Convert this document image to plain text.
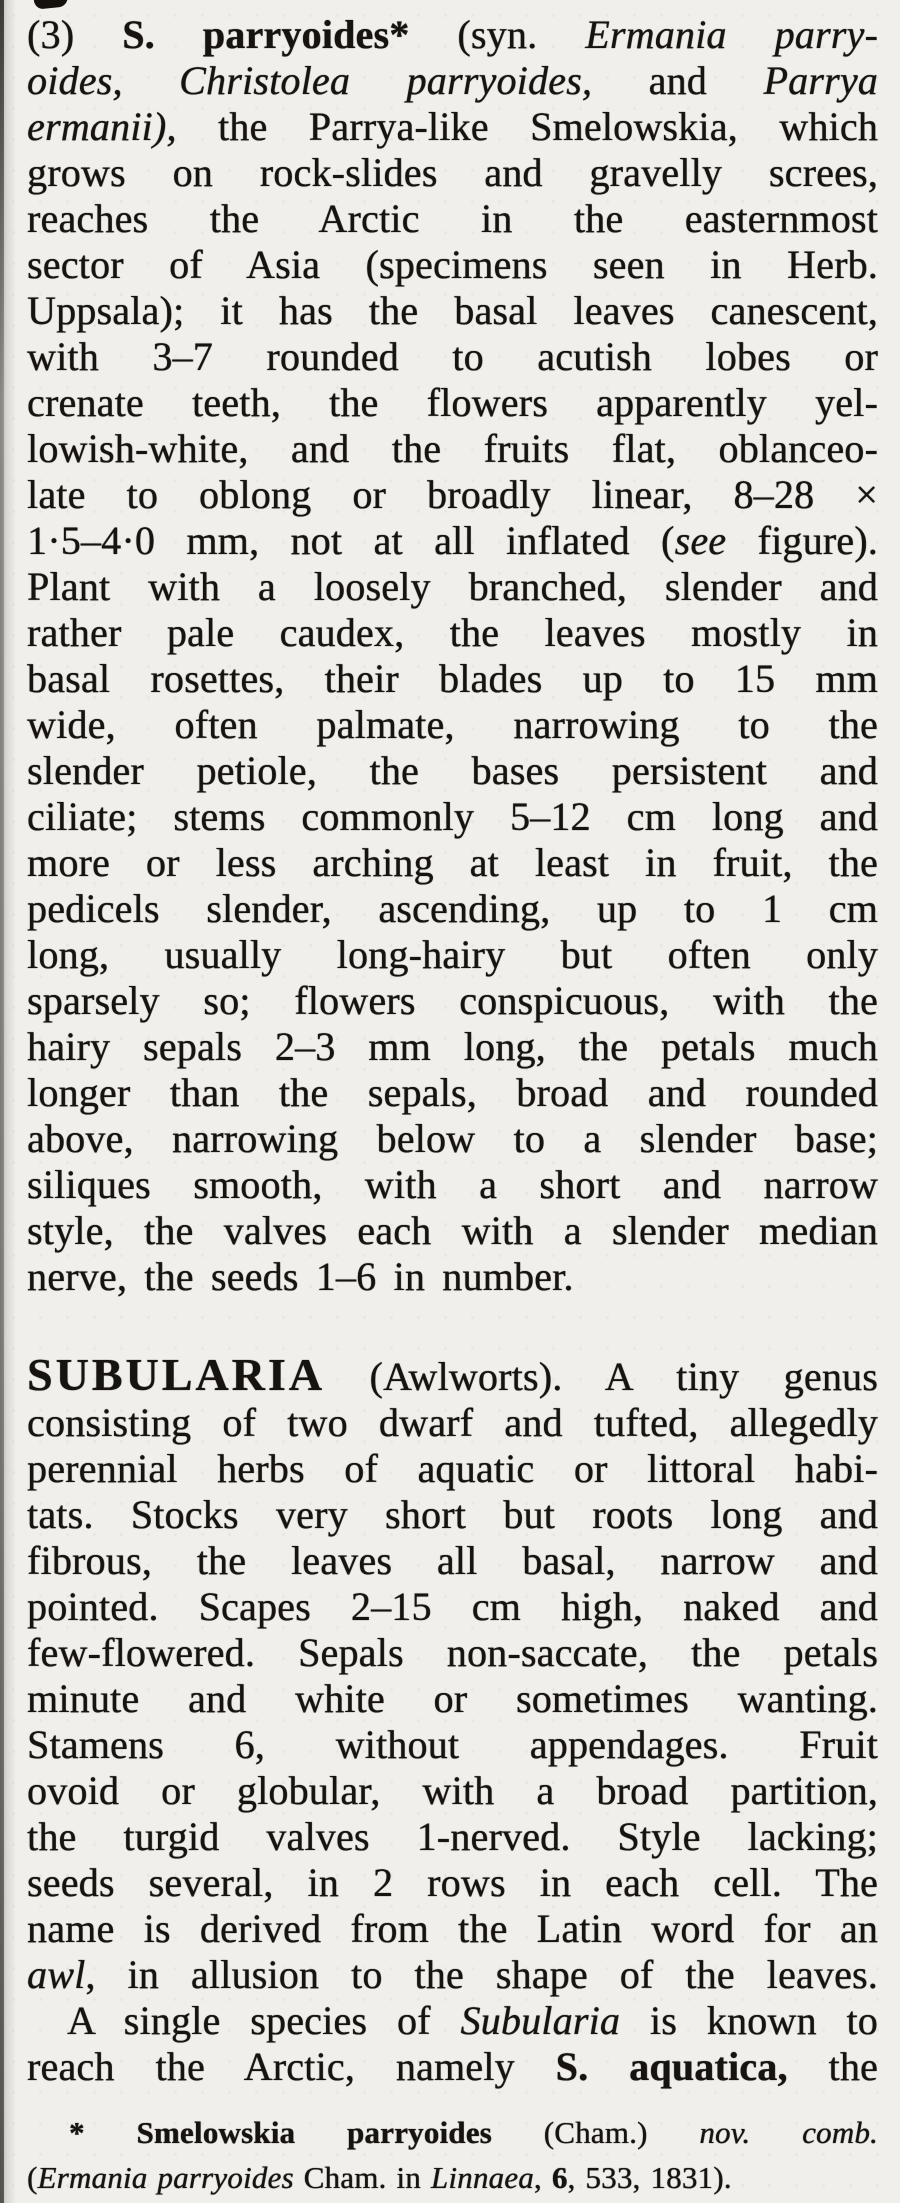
(3) S. parryoides* (syn. Ermania parry-
oides, Christolea parryoides, and Parrya
ermanii), the Parrya-like Smelowskia, which
grows on rock-slides and gravelly screes,
reaches the Arctic in the easternmost
sector of Asia (specimens seen in Herb.
Uppsala); it has the basal leaves canescent,
with 3–7 rounded to acutish lobes or
crenate teeth, the flowers apparently yel-
lowish-white, and the fruits flat, oblanceo-
late to oblong or broadly linear, 8–28 ×
1·5–4·0 mm, not at all inflated (see figure).
Plant with a loosely branched, slender and
rather pale caudex, the leaves mostly in
basal rosettes, their blades up to 15 mm
wide, often palmate, narrowing to the
slender petiole, the bases persistent and
ciliate; stems commonly 5–12 cm long and
more or less arching at least in fruit, the
pedicels slender, ascending, up to 1 cm
long, usually long-hairy but often only
sparsely so; flowers conspicuous, with the
hairy sepals 2–3 mm long, the petals much
longer than the sepals, broad and rounded
above, narrowing below to a slender base;
siliques smooth, with a short and narrow
style, the valves each with a slender median
nerve, the seeds 1–6 in number.
SUBULARIA (Awlworts). A tiny genus
consisting of two dwarf and tufted, allegedly
perennial herbs of aquatic or littoral habi-
tats. Stocks very short but roots long and
fibrous, the leaves all basal, narrow and
pointed. Scapes 2–15 cm high, naked and
few-flowered. Sepals non-saccate, the petals
minute and white or sometimes wanting.
Stamens 6, without appendages. Fruit
ovoid or globular, with a broad partition,
the turgid valves 1-nerved. Style lacking;
seeds several, in 2 rows in each cell. The
name is derived from the Latin word for an
awl, in allusion to the shape of the leaves.
A single species of Subularia is known to
reach the Arctic, namely S. aquatica, the
* Smelowskia parryoides (Cham.) nov. comb.
(Ermania parryoides Cham. in Linnaea, 6, 533, 1831).
